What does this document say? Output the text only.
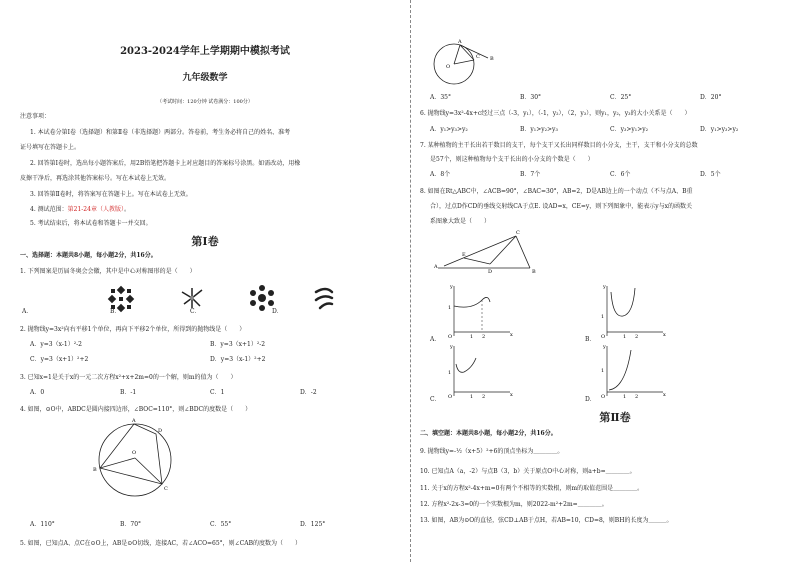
2023-2024学年上学期期中模拟考试
九年级数学
（考试时间：120分钟 试卷满分：100分）
注意事项：
1. 本试卷分第Ⅰ卷（选择题）和第Ⅱ卷（非选择题）两部分。答卷前，考生务必将自己的姓名、准考
证号填写在答题卡上。
2. 回答第Ⅰ卷时，选出每小题答案后，用2B铅笔把答题卡上对应题目的答案标号涂黑。如需改动，用橡
皮擦干净后，再选涂其他答案标号。写在本试卷上无效。
3. 回答第Ⅱ卷时，将答案写在答题卡上。写在本试卷上无效。
4. 测试范围：第21-24章（人教版）。
5. 考试结束后，将本试卷和答题卡一并交回。
第Ⅰ卷
一、选择题：本题共8小题，每小题2分，共16分。
1. 下列图案是历届冬奥会会徽，其中是中心对称图形的是（　　）
A．	B．	C．	D．
2. 抛物线y=3x²向右平移1个单位，再向下平移2个单位，所得到的抛物线是（　　）
A．y=3（x-1）²-2	B．y=3（x+1）²-2
C．y=3（x+1）²+2	D．y=3（x-1）²+2
3. 已知x=1是关于x的一元二次方程x²+x+2m=0的一个解，则m的值为（　　）
A．0	B．-1	C．1	D．-2
4. 如图，⊙O中，ABDC是圆内接四边形，∠BOC=110°，则∠BDC的度数是（　　）
A
B
C
D
O
A．110°	B．70°	C．55°	D．125°
5. 如图，已知点A、点C在⊙O上，AB是⊙O切线，连接AC，若∠ACO=65°，则∠CAB的度数为（　　）
A
B
C
O
A．35°	B．30°	C．25°	D．20°
6. 抛物线y=3x²-4x+c经过三点（-3，y₁），（-1，y₂），（2，y₃），则y₁，y₂，y₃的大小关系是（　　）
A．y₁>y₃>y₂	B．y₁>y₂>y₃	C．y₃>y₁>y₂	D．y₁>y₃>y₂
7. 某种植物的主干长出若干数目的支干，每个支干又长出同样数目的小分支，主干，支干和小分支的总数
是57个，则这种植物每个支干长出的小分支的个数是（　　）
A．8个	B．7个	C．6个	D．5个
8. 如图在Rt△ABC中，∠ACB=90°，∠BAC=30°，AB=2，D是AB边上的一个动点（不与点A、B重
合），过点D作CD的垂线交射线CA于点E. 设AD=x，CE=y，则下列图象中，能表示y与x的函数关
系图象大致是（　　）
A
B
C
D
E
A． O	x
y
1 2
1
B． O	x
y
1 2
1
C． O	x
y
1 2
1
D． O	x
y
1 2
1
第Ⅱ卷
二、填空题：本题共8小题，每小题2分，共16分。
9. 抛物线y=-½（x+5）²+6的顶点坐标为＿＿＿＿。
10. 已知点A（a，-2）与点B（3，b）关于原点O中心对称，则a+b=＿＿＿＿。
11. 关于x的方程x²-4x+m=0有两个不相等的实数根，则m的取值范围是＿＿＿＿。
12. 方程x²-2x-3=0的一个实数根为m，则2022-m²+2m=＿＿＿＿。
13. 如图，AB为⊙O的直径，弦CD⊥AB于点H，若AB=10，CD=8，则BH的长度为＿＿＿。
